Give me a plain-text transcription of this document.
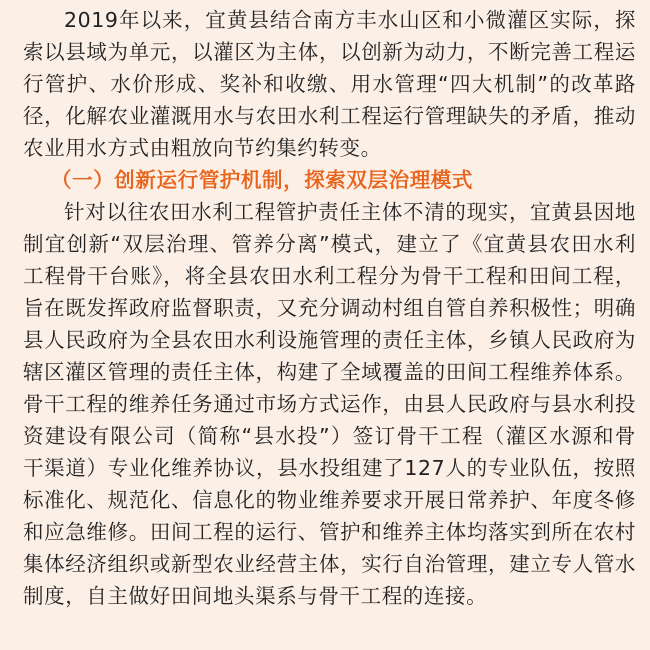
2019年以来，宜黄县结合南方丰水山区和小微灌区实际，探索以县域为单元，以灌区为主体，以创新为动力，不断完善工程运行管护、水价形成、奖补和收缴、用水管理“四大机制”的改革路径，化解农业灌溉用水与农田水利工程运行管理缺失的矛盾，推动农业用水方式由粗放向节约集约转变。

（一）创新运行管护机制，探索双层治理模式

针对以往农田水利工程管护责任主体不清的现实，宜黄县因地制宜创新“双层治理、管养分离”模式，建立了《宜黄县农田水利工程骨干台账》，将全县农田水利工程分为骨干工程和田间工程，旨在既发挥政府监督职责，又充分调动村组自管自养积极性；明确县人民政府为全县农田水利设施管理的责任主体，乡镇人民政府为辖区灌区管理的责任主体，构建了全域覆盖的田间工程维养体系。骨干工程的维养任务通过市场方式运作，由县人民政府与县水利投资建设有限公司（简称“县水投”）签订骨干工程（灌区水源和骨干渠道）专业化维养协议，县水投组建了127人的专业队伍，按照标准化、规范化、信息化的物业维养要求开展日常养护、年度冬修和应急维修。田间工程的运行、管护和维养主体均落实到所在农村集体经济组织或新型农业经营主体，实行自治管理，建立专人管水制度，自主做好田间地头渠系与骨干工程的连接。
